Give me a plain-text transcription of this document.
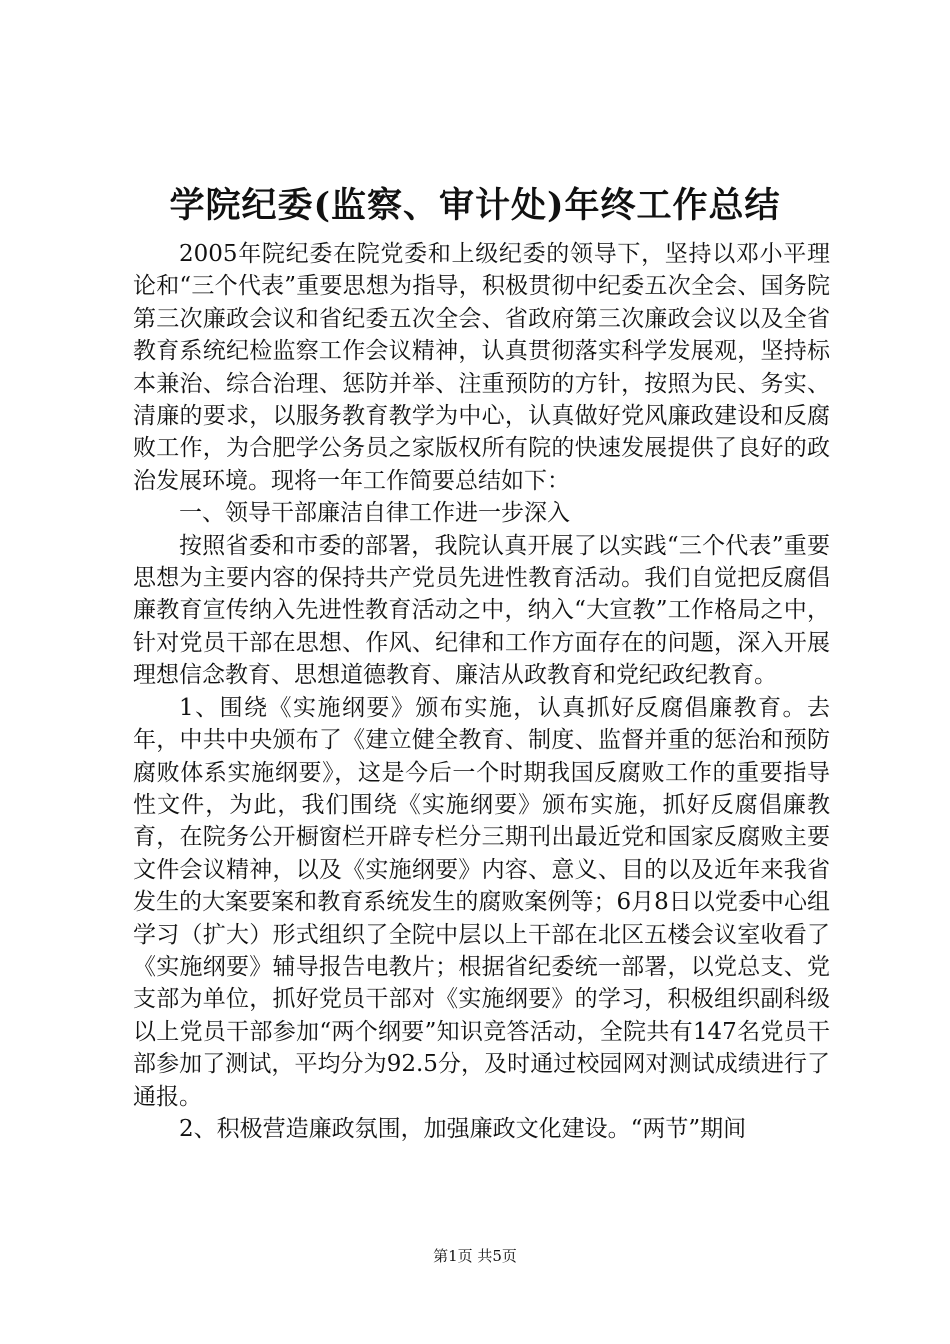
学院纪委(监察、审计处)年终工作总结

2005年院纪委在院党委和上级纪委的领导下，坚持以邓小平理论和“三个代表”重要思想为指导，积极贯彻中纪委五次全会、国务院第三次廉政会议和省纪委五次全会、省政府第三次廉政会议以及全省教育系统纪检监察工作会议精神，认真贯彻落实科学发展观，坚持标本兼治、综合治理、惩防并举、注重预防的方针，按照为民、务实、清廉的要求，以服务教育教学为中心，认真做好党风廉政建设和反腐败工作，为合肥学公务员之家版权所有院的快速发展提供了良好的政治发展环境。现将一年工作简要总结如下：

一、领导干部廉洁自律工作进一步深入

按照省委和市委的部署，我院认真开展了以实践“三个代表”重要思想为主要内容的保持共产党员先进性教育活动。我们自觉把反腐倡廉教育宣传纳入先进性教育活动之中，纳入“大宣教”工作格局之中，针对党员干部在思想、作风、纪律和工作方面存在的问题，深入开展理想信念教育、思想道德教育、廉洁从政教育和党纪政纪教育。

1、围绕《实施纲要》颁布实施，认真抓好反腐倡廉教育。去年，中共中央颁布了《建立健全教育、制度、监督并重的惩治和预防腐败体系实施纲要》，这是今后一个时期我国反腐败工作的重要指导性文件，为此，我们围绕《实施纲要》颁布实施，抓好反腐倡廉教育，在院务公开橱窗栏开辟专栏分三期刊出最近党和国家反腐败主要文件会议精神，以及《实施纲要》内容、意义、目的以及近年来我省发生的大案要案和教育系统发生的腐败案例等；6月8日以党委中心组学习（扩大）形式组织了全院中层以上干部在北区五楼会议室收看了《实施纲要》辅导报告电教片；根据省纪委统一部署，以党总支、党支部为单位，抓好党员干部对《实施纲要》的学习，积极组织副科级以上党员干部参加“两个纲要”知识竞答活动，全院共有147名党员干部参加了测试，平均分为92.5分，及时通过校园网对测试成绩进行了通报。

2、积极营造廉政氛围，加强廉政文化建设。“两节”期间

第1页 共5页
